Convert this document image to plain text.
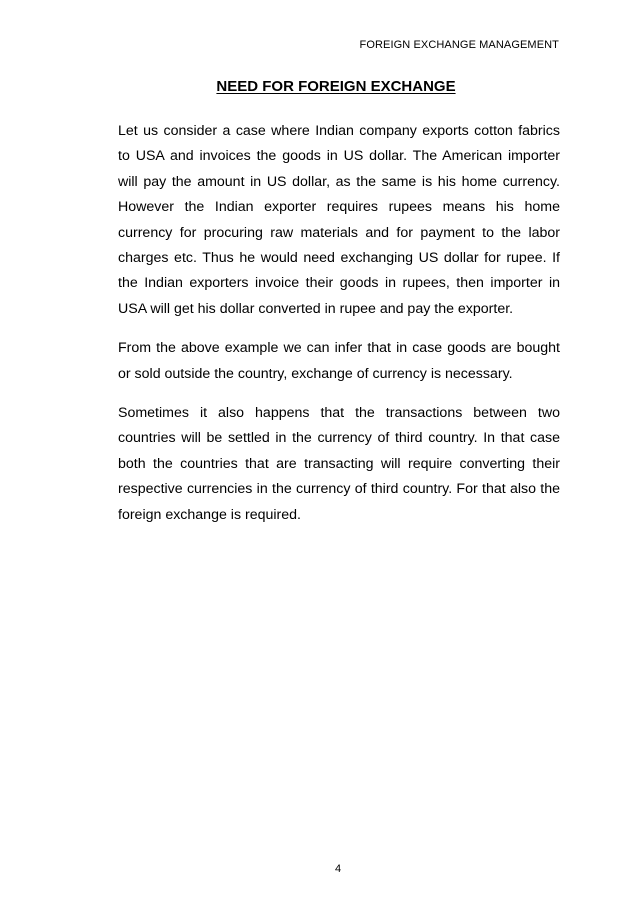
FOREIGN EXCHANGE MANAGEMENT
NEED FOR FOREIGN EXCHANGE

Let us consider a case where Indian company exports cotton fabrics to USA and invoices the goods in US dollar. The American importer will pay the amount in US dollar, as the same is his home currency. However the Indian exporter requires rupees means his home currency for procuring raw materials and for payment to the labor charges etc. Thus he would need exchanging US dollar for rupee. If the Indian exporters invoice their goods in rupees, then importer in USA will get his dollar converted in rupee and pay the exporter.

From the above example we can infer that in case goods are bought or sold outside the country, exchange of currency is necessary.

Sometimes it also happens that the transactions between two countries will be settled in the currency of third country. In that case both the countries that are transacting will require converting their respective currencies in the currency of third country. For that also the foreign exchange is required.

4
